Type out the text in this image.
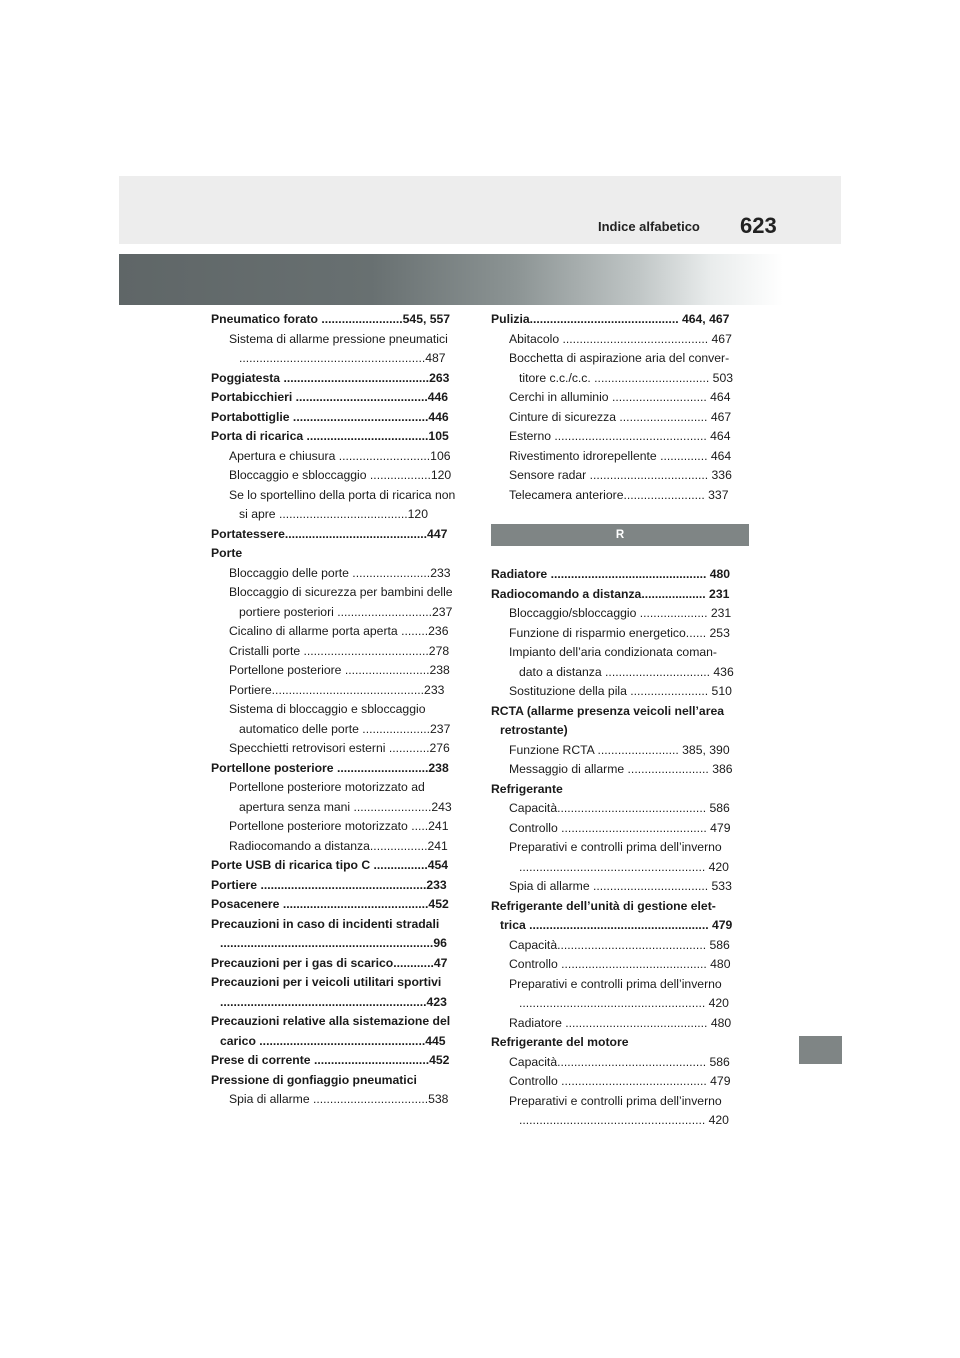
Indice alfabetico 623
Pneumatico forato ........................545, 557
Sistema di allarme pressione pneumatici .......................................................487
Poggiatesta ...........................................263
Portabicchieri .......................................446
Portabottiglie ........................................446
Porta di ricarica ....................................105
Apertura e chiusura ...........................106
Bloccaggio e sbloccaggio ..................120
Se lo sportellino della porta di ricarica non si apre ......................................120
Portatessere..........................................447
Porte
Bloccaggio delle porte .......................233
Bloccaggio di sicurezza per bambini delle portiere posteriori ............................237
Cicalino di allarme porta aperta ........236
Cristalli porte .....................................278
Portellone posteriore .........................238
Portiere.............................................233
Sistema di bloccaggio e sbloccaggio automatico delle porte ....................237
Specchietti retrovisori esterni ............276
Portellone posteriore ...........................238
Portellone posteriore motorizzato ad apertura senza mani .......................243
Portellone posteriore motorizzato .....241
Radiocomando a distanza.................241
Porte USB di ricarica tipo C ................454
Portiere .................................................233
Posacenere ...........................................452
Precauzioni in caso di incidenti stradali ...............................................................96
Precauzioni per i gas di scarico............47
Precauzioni per i veicoli utilitari sportivi .............................................................423
Precauzioni relative alla sistemazione del carico .................................................445
Prese di corrente ..................................452
Pressione di gonfiaggio pneumatici
Spia di allarme ..................................538
Pulizia............................................ 464, 467
Abitacolo ........................................... 467
Bocchetta di aspirazione aria del conver- titore c.c./c.c. .................................. 503
Cerchi in alluminio ............................ 464
Cinture di sicurezza .......................... 467
Esterno ............................................. 464
Rivestimento idrorepellente .............. 464
Sensore radar ................................... 336
Telecamera anteriore........................ 337
R
Radiatore .............................................. 480
Radiocomando a distanza................... 231
Bloccaggio/sbloccaggio .................... 231
Funzione di risparmio energetico...... 253
Impianto dell’aria condizionata coman- dato a distanza ............................... 436
Sostituzione della pila ....................... 510
RCTA (allarme presenza veicoli nell’area retrostante)
Funzione RCTA ........................ 385, 390
Messaggio di allarme ........................ 386
Refrigerante
Capacità............................................ 586
Controllo ........................................... 479
Preparativi e controlli prima dell’inverno ....................................................... 420
Spia di allarme .................................. 533
Refrigerante dell’unità di gestione elet- trica ..................................................... 479
Capacità............................................ 586
Controllo ........................................... 480
Preparativi e controlli prima dell’inverno ....................................................... 420
Radiatore .......................................... 480
Refrigerante del motore
Capacità............................................ 586
Controllo ........................................... 479
Preparativi e controlli prima dell’inverno ....................................................... 420
